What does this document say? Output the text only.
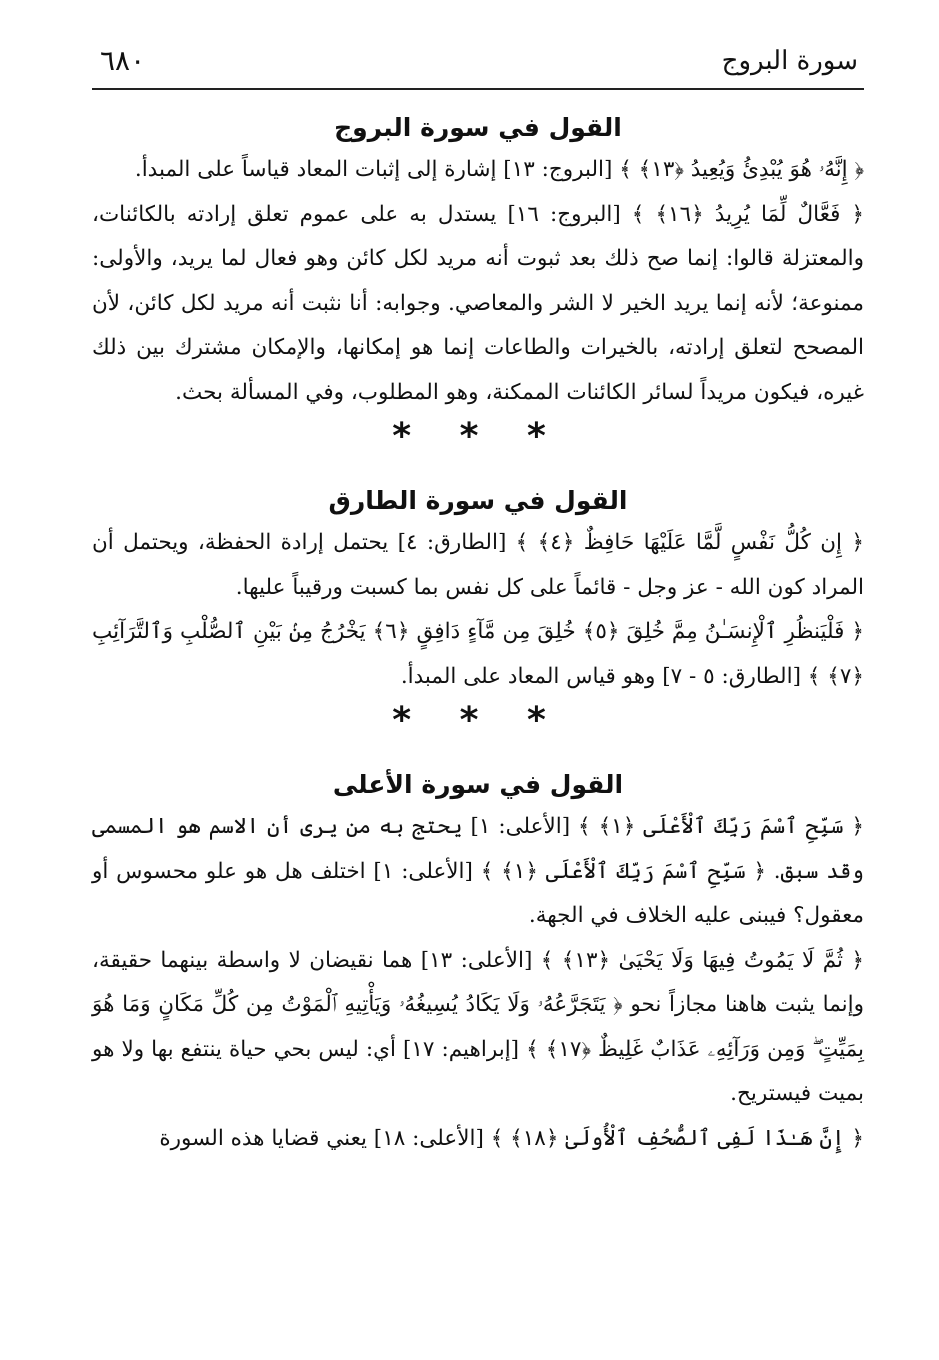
سورة البروج
٦٨٠
القول في سورة البروج

﴿ إِنَّهُۥ هُوَ يُبْدِئُ وَيُعِيدُ ﴿١٣﴾ ﴾ [البروج: ١٣] إشارة إلى إثبات المعاد قياساً على المبدأ.

﴿ فَعَّالٌ لِّمَا يُرِيدُ ﴿١٦﴾ ﴾ [البروج: ١٦] يستدل به على عموم تعلق إرادته بالكائنات، والمعتزلة قالوا: إنما صح ذلك بعد ثبوت أنه مريد لكل كائن وهو فعال لما يريد، والأولى: ممنوعة؛ لأنه إنما يريد الخير لا الشر والمعاصي. وجوابه: أنا نثبت أنه مريد لكل كائن، لأن المصحح لتعلق إرادته، بالخيرات والطاعات إنما هو إمكانها، والإمكان مشترك بين ذلك غيره، فيكون مريداً لسائر الكائنات الممكنة، وهو المطلوب، وفي المسألة بحث.

* * *

القول في سورة الطارق

﴿ إِن كُلُّ نَفْسٍ لَّمَّا عَلَيْهَا حَافِظٌ ﴿٤﴾ ﴾ [الطارق: ٤] يحتمل إرادة الحفظة، ويحتمل أن المراد كون الله - عز وجل - قائماً على كل نفس بما كسبت ورقيباً عليها.

﴿ فَلْيَنظُرِ ٱلْإِنسَـٰنُ مِمَّ خُلِقَ ﴿٥﴾ خُلِقَ مِن مَّآءٍ دَافِقٍ ﴿٦﴾ يَخْرُجُ مِنۢ بَيْنِ ٱلصُّلْبِ وَٱلتَّرَآئِبِ ﴿٧﴾ ﴾ [الطارق: ٥ - ٧] وهو قياس المعاد على المبدأ.

* * *

القول في سورة الأعلى

﴿ سَبِّحِ ٱسْمَ رَبِّكَ ٱلْأَعْلَى ﴿١﴾ ﴾ [الأعلى: ١] يحتج به من يرى أن الاسم هو المسمى وقد سبق. ﴿ سَبِّحِ ٱسْمَ رَبِّكَ ٱلْأَعْلَى ﴿١﴾ ﴾ [الأعلى: ١] اختلف هل هو علو محسوس أو معقول؟ فيبنى عليه الخلاف في الجهة.

﴿ ثُمَّ لَا يَمُوتُ فِيهَا وَلَا يَحْيَىٰ ﴿١٣﴾ ﴾ [الأعلى: ١٣] هما نقيضان لا واسطة بينهما حقيقة، وإنما يثبت هاهنا مجازاً نحو ﴿ يَتَجَرَّعُهُۥ وَلَا يَكَادُ يُسِيغُهُۥ وَيَأْتِيهِ ٱلْمَوْتُ مِن كُلِّ مَكَانٍ وَمَا هُوَ بِمَيِّتٍ ۖ وَمِن وَرَآئِهِۦ عَذَابٌ غَلِيظٌ ﴿١٧﴾ ﴾ [إبراهيم: ١٧] أي: ليس بحي حياة ينتفع بها ولا هو بميت فيستريح.

﴿ إِنَّ هَـٰذَا لَفِى ٱلصُّحُفِ ٱلْأُولَىٰ ﴿١٨﴾ ﴾ [الأعلى: ١٨] يعني قضايا هذه السورة
